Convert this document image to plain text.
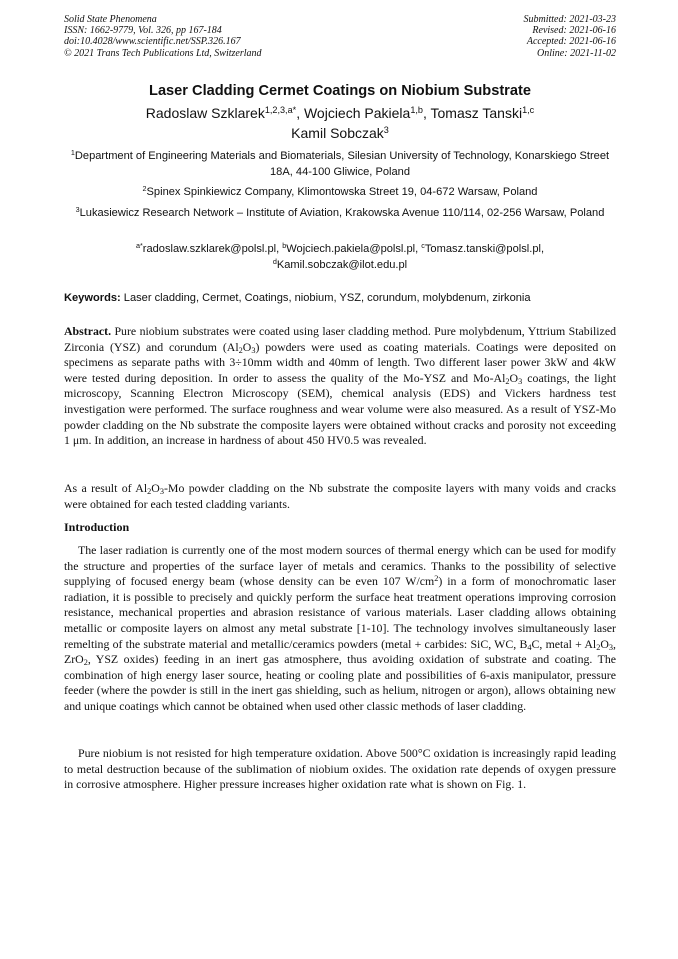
Solid State Phenomena
ISSN: 1662-9779, Vol. 326, pp 167-184
doi:10.4028/www.scientific.net/SSP.326.167
© 2021 Trans Tech Publications Ltd, Switzerland
Submitted: 2021-03-23
Revised: 2021-06-16
Accepted: 2021-06-16
Online: 2021-11-02
Laser Cladding Cermet Coatings on Niobium Substrate
Radoslaw Szklarek$^{1,2,3,a*}$, Wojciech Pakiela$^{1,b}$, Tomasz Tanski$^{1,c}$
Kamil Sobczak$^3$
$^1$Department of Engineering Materials and Biomaterials, Silesian University of Technology, Konarskiego Street 18A, 44-100 Gliwice, Poland
$^2$Spinex Spinkiewicz Company, Klimontowska Street 19, 04-672 Warsaw, Poland
$^3$Lukasiewicz Research Network – Institute of Aviation, Krakowska Avenue 110/114, 02-256 Warsaw, Poland
$^{a*}$radoslaw.szklarek@polsl.pl, $^b$Wojciech.pakiela@polsl.pl, $^c$Tomasz.tanski@polsl.pl,
$^d$Kamil.sobczak@ilot.edu.pl
Keywords: Laser cladding, Cermet, Coatings, niobium, YSZ, corundum, molybdenum, zirkonia

Abstract. Pure niobium substrates were coated using laser cladding method. Pure molybdenum, Yttrium Stabilized Zirconia (YSZ) and corundum $(Al_2O_3)$ powders were used as coating materials. Coatings were deposited on specimens as separate paths with 3÷10mm width and 40mm of length. Two different laser power 3kW and 4kW were tested during deposition. In order to assess the quality of the Mo-YSZ and $Mo-Al_2O_3$ coatings, the light microscopy, Scanning Electron Microscopy (SEM), chemical analysis (EDS) and Vickers hardness test investigation were performed. The surface roughness and wear volume were also measured. As a result of YSZ-Mo powder cladding on the Nb substrate the composite layers were obtained without cracks and porosity not exceeding 1 μm. In addition, an increase in hardness of about 450 HV0.5 was revealed.

As a result of $Al_2O_3-Mo$ powder cladding on the Nb substrate the composite layers with many voids and cracks were obtained for each tested cladding variants.

Introduction

The laser radiation is currently one of the most modern sources of thermal energy which can be used for modify the structure and properties of the surface layer of metals and ceramics. Thanks to the possibility of selective supplying of focused energy beam (whose density can be even 107 $W/cm^2$) in a form of monochromatic laser radiation, it is possible to precisely and quickly perform the surface heat treatment operations improving corrosion resistance, mechanical properties and abrasion resistance of various materials. Laser cladding allows obtaining metallic or composite layers on almost any metal substrate [1-10]. The technology involves simultaneously laser remelting of the substrate material and metallic/ceramics powders (metal + carbides: SiC, WC, $B_4C$, metal + $Al_2O_3$, ZrO$_2$, YSZ oxides) feeding in an inert gas atmosphere, thus avoiding oxidation of substrate and coating. The combination of high energy laser source, heating or cooling plate and possibilities of 6-axis manipulator, pressure feeder (where the powder is still in the inert gas shielding, such as helium, nitrogen or argon), allows obtaining new and unique coatings which cannot be obtained when used other classic methods of laser cladding.

Pure niobium is not resisted for high temperature oxidation. Above 500°C oxidation is increasingly rapid leading to metal destruction because of the sublimation of niobium oxides. The oxidation rate depends of oxygen pressure in corrosive atmosphere. Higher pressure increases higher oxidation rate what is shown on Fig. 1.
